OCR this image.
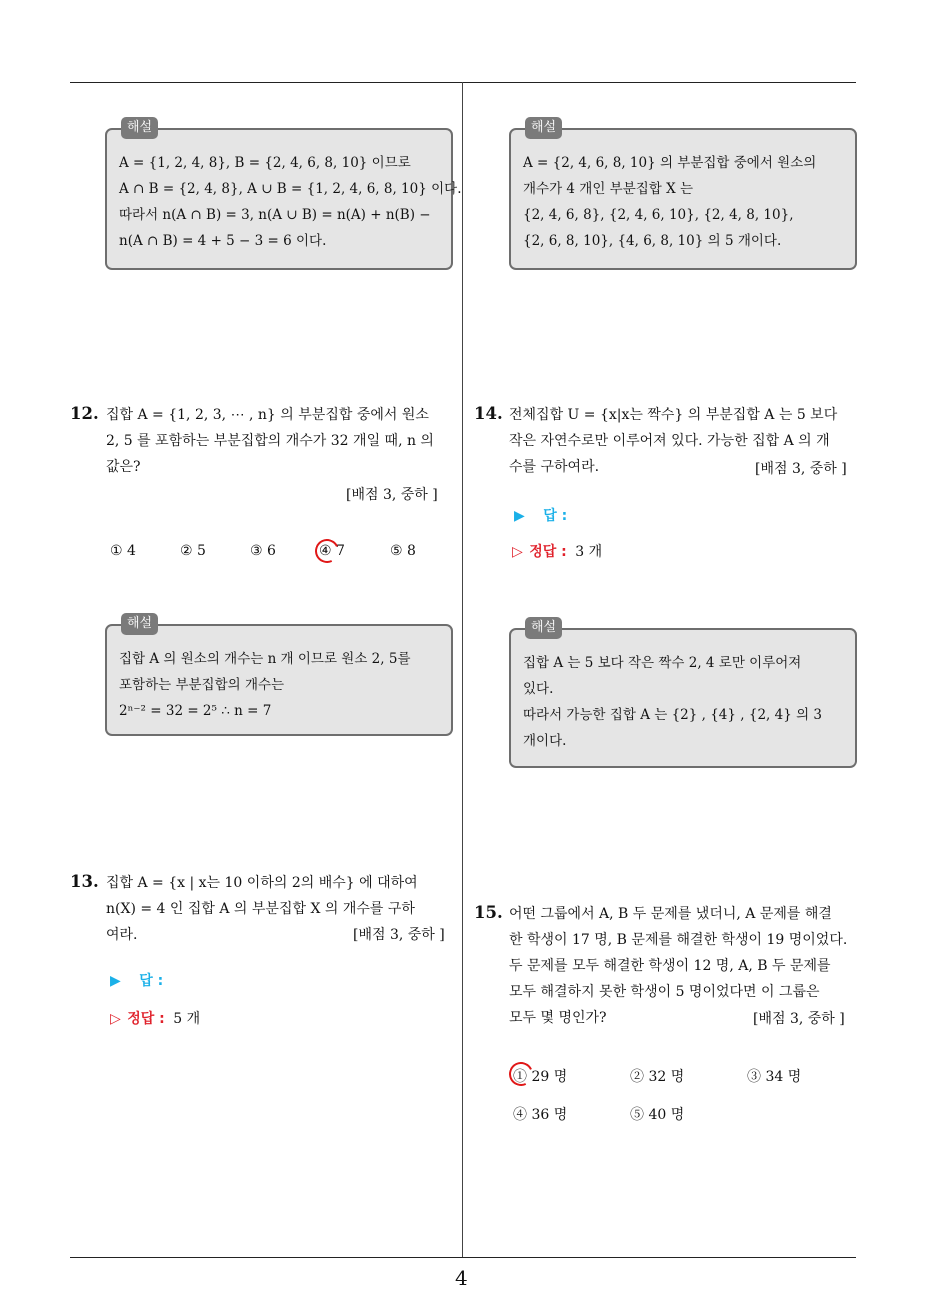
해설
A = {1, 2, 4, 8}, B = {2, 4, 6, 8, 10} 이므로
A ∩ B = {2, 4, 8}, A ∪ B = {1, 2, 4, 6, 8, 10} 이다.
따라서 n(A ∩ B) = 3, n(A ∪ B) = n(A) + n(B) −
n(A ∩ B) = 4 + 5 − 3 = 6 이다.
12. 집합 A = {1, 2, 3, ⋯ , n} 의 부분집합 중에서 원소
2, 5 를 포함하는 부분집합의 개수가 32 개일 때, n 의
값은?
[배점 3, 중하 ]
① 4	② 5	③ 6	④ 7	⑤ 8
해설
집합 A 의 원소의 개수는 n 개 이므로 원소 2, 5를
포함하는 부분집합의 개수는
2ⁿ⁻² = 32 = 2⁵ ∴ n = 7
13. 집합 A = {x | x는 10 이하의 2의 배수} 에 대하여
n(X) = 4 인 집합 A 의 부분집합 X 의 개수를 구하
여라.	[배점 3, 중하 ]
▶ 답 :
▷ 정답 : 5 개
해설
A = {2, 4, 6, 8, 10} 의 부분집합 중에서 원소의
개수가 4 개인 부분집합 X 는
{2, 4, 6, 8}, {2, 4, 6, 10}, {2, 4, 8, 10},
{2, 6, 8, 10}, {4, 6, 8, 10} 의 5 개이다.
14. 전체집합 U = {x|x는 짝수} 의 부분집합 A 는 5 보다
작은 자연수로만 이루어져 있다. 가능한 집합 A 의 개
수를 구하여라.	[배점 3, 중하 ]
▶ 답 :
▷ 정답 : 3 개
해설
집합 A 는 5 보다 작은 짝수 2, 4 로만 이루어져
있다.
따라서 가능한 집합 A 는 {2} , {4} , {2, 4} 의 3
개이다.
15. 어떤 그룹에서 A, B 두 문제를 냈더니, A 문제를 해결
한 학생이 17 명, B 문제를 해결한 학생이 19 명이었다.
두 문제를 모두 해결한 학생이 12 명, A, B 두 문제를
모두 해결하지 못한 학생이 5 명이었다면 이 그룹은
모두 몇 명인가?	[배점 3, 중하 ]
① 29 명	② 32 명	③ 34 명
④ 36 명	⑤ 40 명
4
